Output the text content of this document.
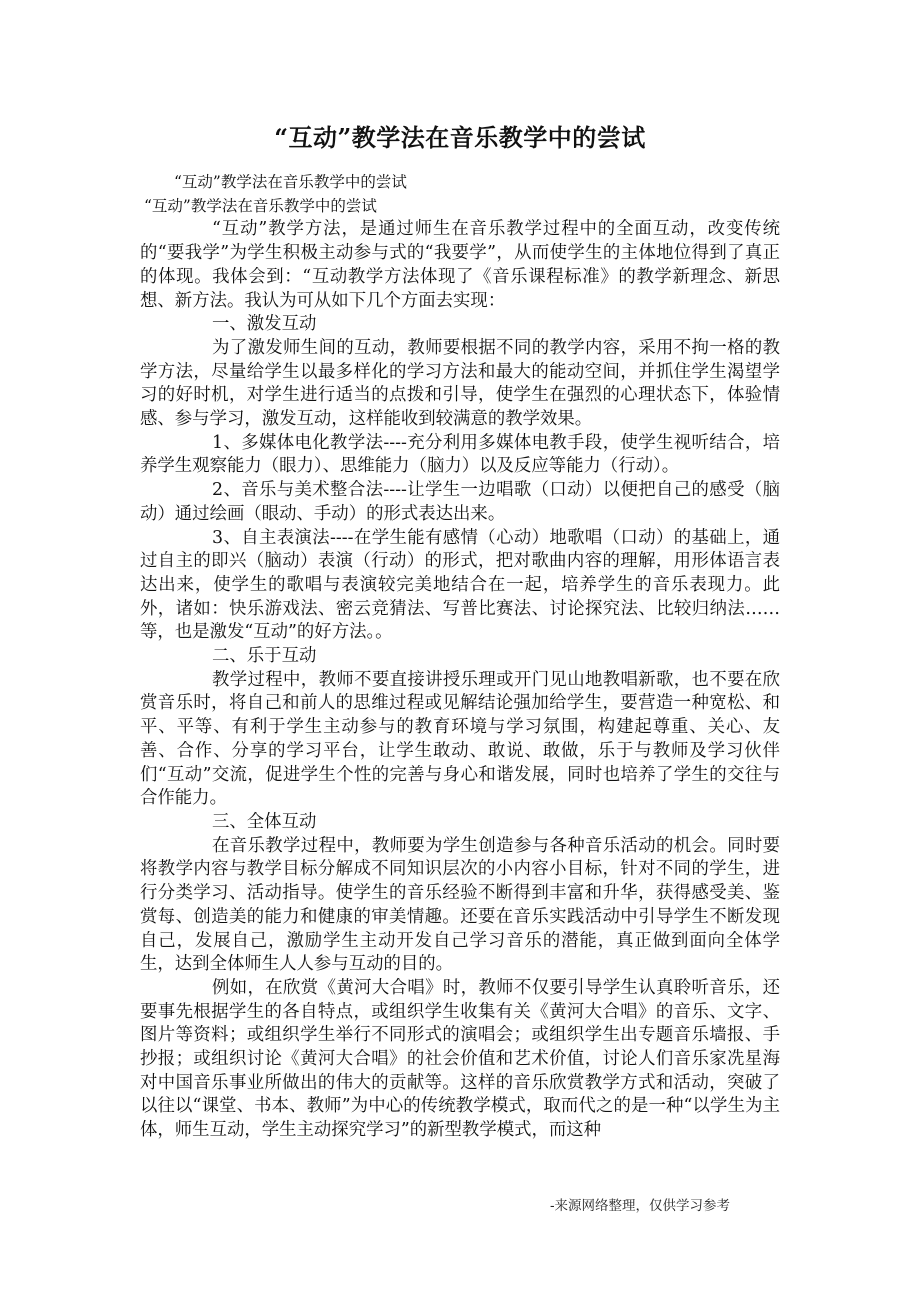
“互动”教学法在音乐教学中的尝试

“互动”教学法在音乐教学中的尝试

“互动”教学法在音乐教学中的尝试

“互动”教学方法，是通过师生在音乐教学过程中的全面互动，改变传统的“要我学”为学生积极主动参与式的“我要学”，从而使学生的主体地位得到了真正的体现。我体会到：“互动教学方法体现了《音乐课程标准》的教学新理念、新思想、新方法。我认为可从如下几个方面去实现：

一、激发互动

为了激发师生间的互动，教师要根据不同的教学内容，采用不拘一格的教学方法，尽量给学生以最多样化的学习方法和最大的能动空间，并抓住学生渴望学习的好时机，对学生进行适当的点拨和引导，使学生在强烈的心理状态下，体验情感、参与学习，激发互动，这样能收到较满意的教学效果。

1、多媒体电化教学法----充分利用多媒体电教手段，使学生视听结合，培养学生观察能力（眼力）、思维能力（脑力）以及反应等能力（行动）。

2、音乐与美术整合法----让学生一边唱歌（口动）以便把自己的感受（脑动）通过绘画（眼动、手动）的形式表达出来。

3、自主表演法----在学生能有感情（心动）地歌唱（口动）的基础上，通过自主的即兴（脑动）表演（行动）的形式，把对歌曲内容的理解，用形体语言表达出来，使学生的歌唱与表演较完美地结合在一起，培养学生的音乐表现力。此外，诸如：快乐游戏法、密云竞猜法、写普比赛法、讨论探究法、比较归纳法……等，也是激发“互动”的好方法。。

二、乐于互动

教学过程中，教师不要直接讲授乐理或开门见山地教唱新歌，也不要在欣赏音乐时，将自己和前人的思维过程或见解结论强加给学生，要营造一种宽松、和平、平等、有利于学生主动参与的教育环境与学习氛围，构建起尊重、关心、友善、合作、分享的学习平台，让学生敢动、敢说、敢做，乐于与教师及学习伙伴们“互动”交流，促进学生个性的完善与身心和谐发展，同时也培养了学生的交往与合作能力。

三、全体互动

在音乐教学过程中，教师要为学生创造参与各种音乐活动的机会。同时要将教学内容与教学目标分解成不同知识层次的小内容小目标，针对不同的学生，进行分类学习、活动指导。使学生的音乐经验不断得到丰富和升华，获得感受美、鉴赏每、创造美的能力和健康的审美情趣。还要在音乐实践活动中引导学生不断发现自己，发展自己，激励学生主动开发自己学习音乐的潜能，真正做到面向全体学生，达到全体师生人人参与互动的目的。

例如，在欣赏《黄河大合唱》时，教师不仅要引导学生认真聆听音乐，还要事先根据学生的各自特点，或组织学生收集有关《黄河大合唱》的音乐、文字、图片等资料；或组织学生举行不同形式的演唱会；或组织学生出专题音乐墙报、手抄报；或组织讨论《黄河大合唱》的社会价值和艺术价值，讨论人们音乐家冼星海对中国音乐事业所做出的伟大的贡献等。这样的音乐欣赏教学方式和活动，突破了以往以“课堂、书本、教师”为中心的传统教学模式，取而代之的是一种“以学生为主体，师生互动，学生主动探究学习”的新型教学模式，而这种

-来源网络整理，仅供学习参考
